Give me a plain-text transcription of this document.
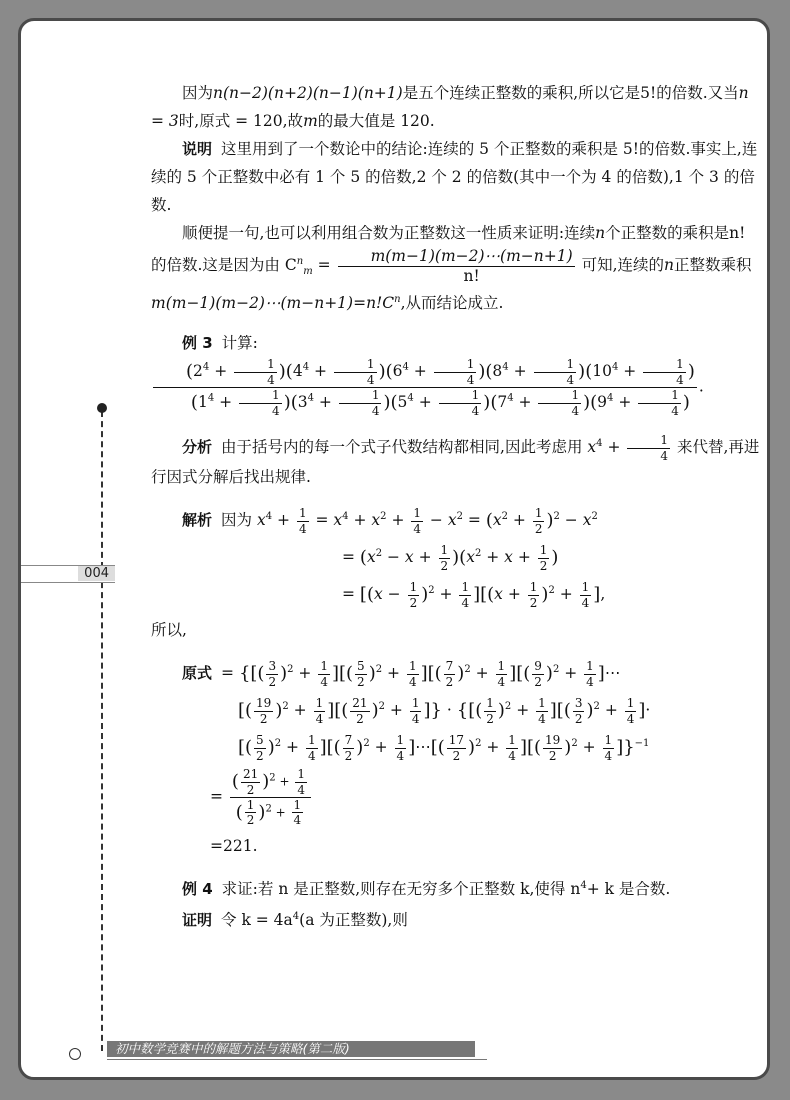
004

因为n(n−2)(n+2)(n−1)(n+1)是五个连续正整数的乘积,所以它是5!的倍数.又当n = 3时,原式 = 120,故m的最大值是 120.

说明 这里用到了一个数论中的结论:连续的 5 个正整数的乘积是 5!的倍数.事实上,连续的 5 个正整数中必有 1 个 5 的倍数,2 个 2 的倍数(其中一个为 4 的倍数),1 个 3 的倍数.

顺便提一句,也可以利用组合数为正整数这一性质来证明:连续n个正整数的乘积是n! 的倍数.这是因为由 $C^n_m = \frac{m(m-1)(m-2)\cdots(m-n+1)}{n!}$ 可知,连续的n正整数乘积$m(m-1)(m-2)\cdots(m-n+1)=n!C^n$,从而结论成立.

例 3 计算:
$\frac{(2^4 + \frac{1}{4} )(4^4 + \frac{1}{4} )(6^4 + \frac{1}{4} )(8^4 + \frac{1}{4} )(10^4 + \frac{1}{4} )}{(1^4 + \frac{1}{4} )(3^4 + \frac{1}{4} )(5^4 + \frac{1}{4} )(7^4 + \frac{1}{4} )(9^4 + \frac{1}{4} )}$ .

分析 由于括号内的每一个式子代数结构都相同,因此考虑用 $x^4 + \frac{1}{4}$ 来代替,再进行因式分解后找出规律.

解析 因为 $x^4 + \frac{1}{4} = x^4 + x^2 + \frac{1}{4} - x^2 = (x^2 + \frac{1}{2} )^2 - x^2$
= $(x^2 - x + \frac{1}{2} )(x^2 + x + \frac{1}{2}$ )
= $[(x - \frac{1}{2} )^2 + \frac{1}{4} ][(x + \frac{1}{2} )^2 + \frac{1}{4}$ ],

所以,

原式 = {[( $\frac{3}{2} )^2 + \frac{1}{4}$ ][( $\frac{5}{2} )^2 + \frac{1}{4}$ ][( $\frac{7}{2} )^2 + \frac{1}{4}$ ][( $\frac{9}{2} )^2 + \frac{1}{4}$ ]⋯
[( $\frac{19}{2} )^2 + \frac{1}{4}$ ][( $\frac{21}{2} )^2 + \frac{1}{4}$ ]} · {[( $\frac{1}{2} )^2 + \frac{1}{4}$ ][( $\frac{3}{2} )^2 + \frac{1}{4}$ ]·
[( $\frac{5}{2} )^2 + \frac{1}{4}$ ][( $\frac{7}{2} )^2 + \frac{1}{4}$ ]⋯[( $\frac{17}{2} )^2 + \frac{1}{4}$ ][( $\frac{19}{2} )^2 + \frac{1}{4} ]\}^{-1}$
= $\frac{( \frac{21}{2} )^2 + \frac{1}{4}}{( \frac{1}{2} )^2 + \frac{1}{4}}$
=221.

例 4 求证:若 n 是正整数,则存在无穷多个正整数 k,使得 $n^4+ k$ 是合数.

证明 令 $k = 4a^4(a$ 为正整数),则

初中数学竞赛中的解题方法与策略(第二版)
